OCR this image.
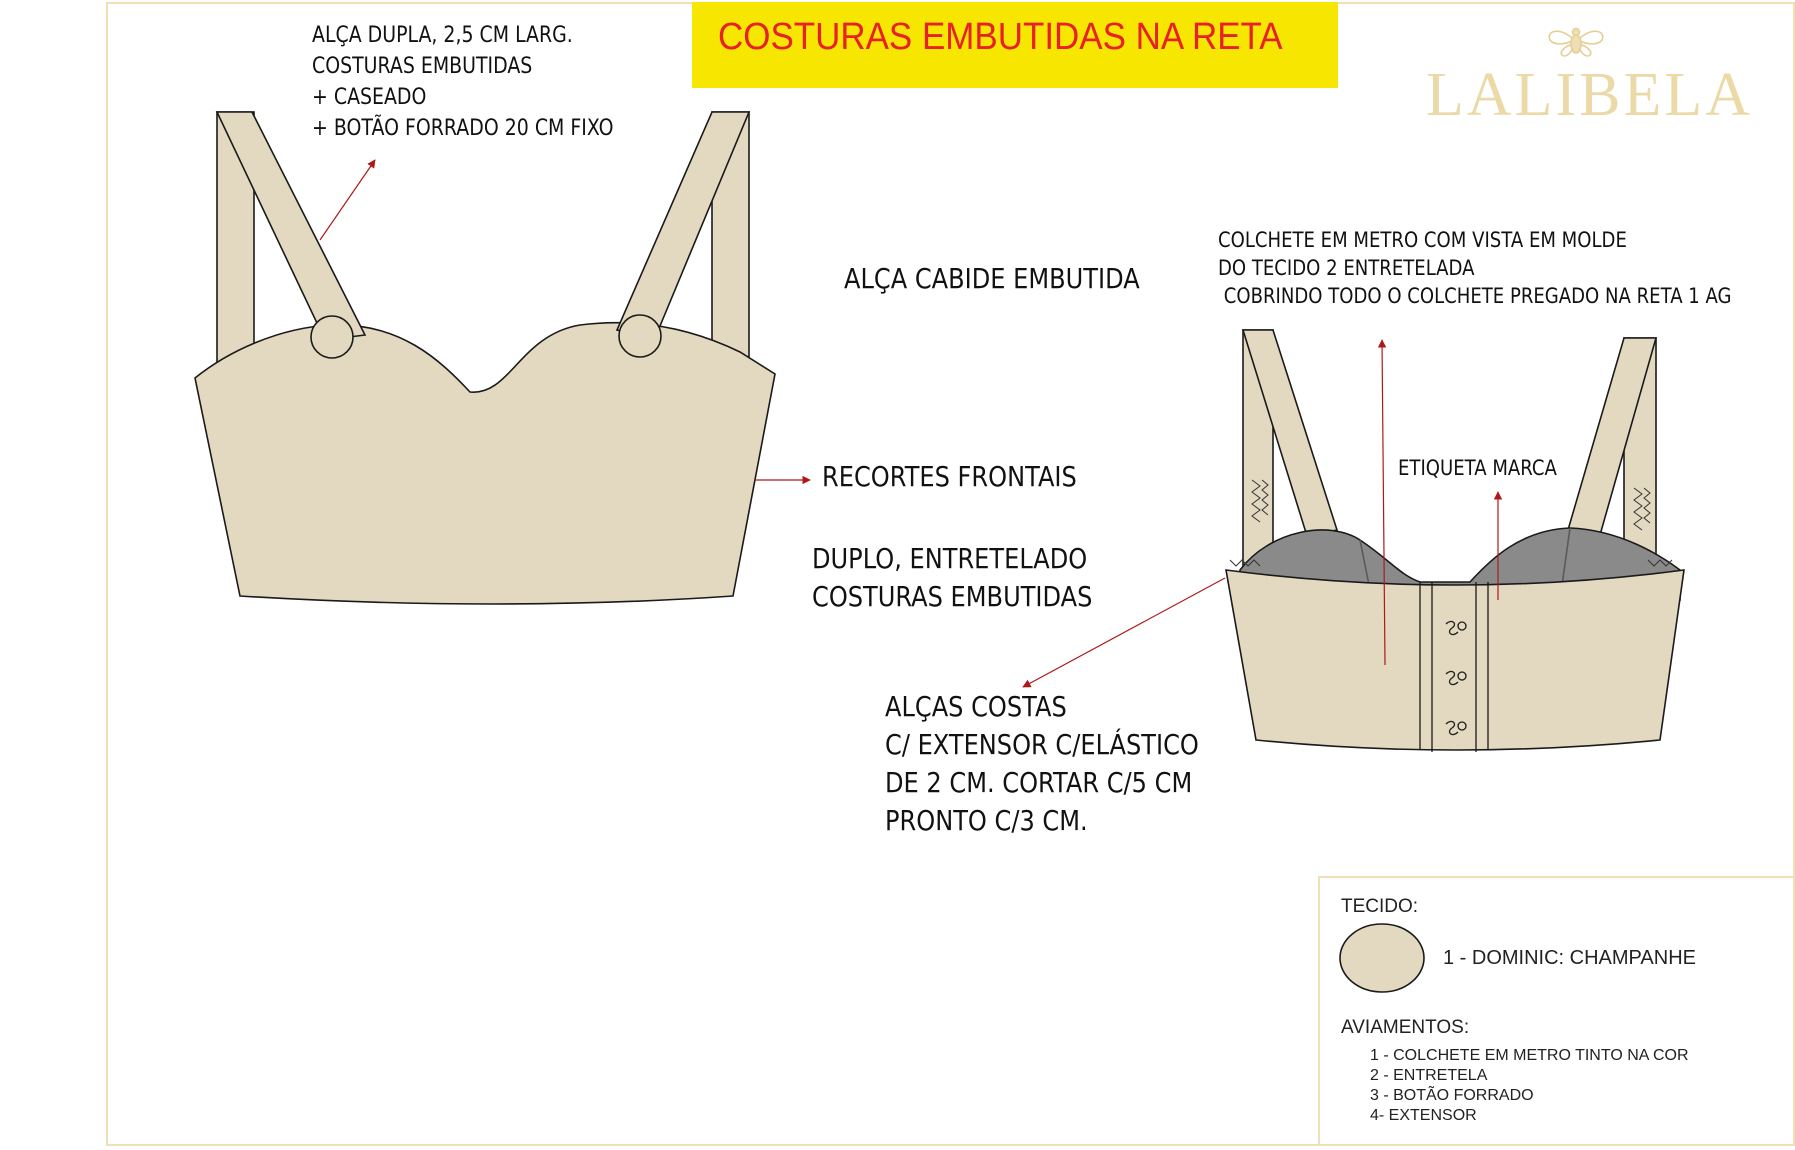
COSTURAS EMBUTIDAS NA RETA
LALIBELA
ALÇA DUPLA, 2,5 CM LARG.
COSTURAS EMBUTIDAS
+ CASEADO
+ BOTÃO FORRADO 20 CM FIXO
RECORTES FRONTAIS
DUPLO, ENTRETELADO
COSTURAS EMBUTIDAS
ALÇA CABIDE EMBUTIDA
COLCHETE EM METRO COM VISTA EM MOLDE
DO TECIDO 2 ENTRETELADA
COBRINDO TODO O COLCHETE PREGADO NA RETA 1 AG
ETIQUETA MARCA
ALÇAS COSTAS
C/ EXTENSOR C/ELÁSTICO
DE 2 CM. CORTAR C/5 CM
PRONTO C/3 CM.
TECIDO:
1 - DOMINIC: CHAMPANHE
AVIAMENTOS:
1 - COLCHETE EM METRO TINTO NA COR
2 - ENTRETELA
3 - BOTÃO FORRADO
4- EXTENSOR
